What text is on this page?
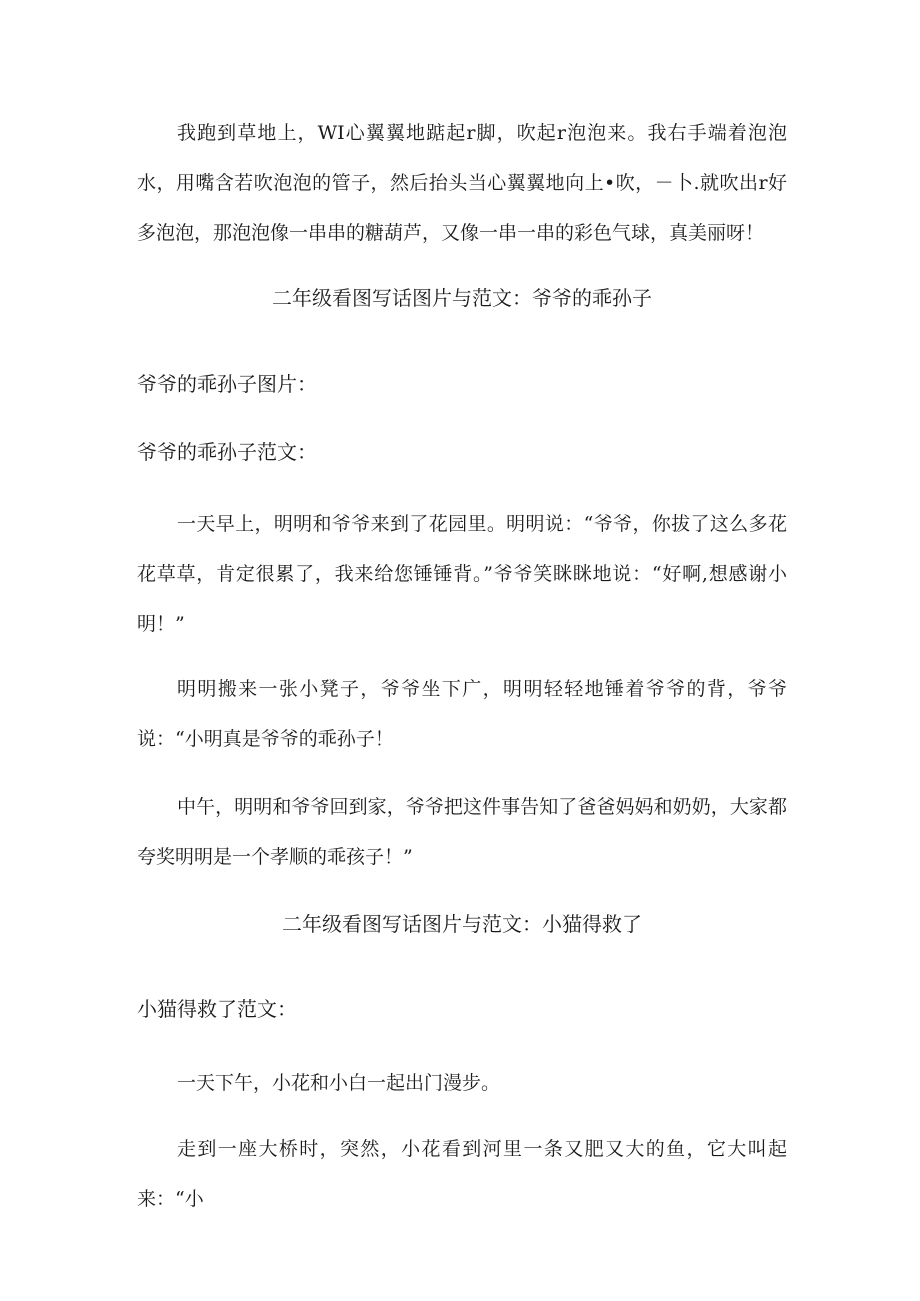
我跑到草地上，WI心翼翼地踮起r脚，吹起r泡泡来。我右手端着泡泡水，用嘴含若吹泡泡的管子，然后抬头当心翼翼地向上•吹，－卜.就吹出r好多泡泡，那泡泡像一串串的糖葫芦，又像一串一串的彩色气球，真美丽呀！

二年级看图写话图片与范文：爷爷的乖孙子
爷爷的乖孙子图片：
爷爷的乖孙子范文：

一天早上，明明和爷爷来到了花园里。明明说：“爷爷，你拔了这么多花花草草，肯定很累了，我来给您锤锤背。”爷爷笑眯眯地说：“好啊,想感谢小明！”

明明搬来一张小凳子，爷爷坐下广，明明轻轻地锤着爷爷的背，爷爷说：“小明真是爷爷的乖孙子！

中午，明明和爷爷回到家，爷爷把这件事告知了爸爸妈妈和奶奶，大家都夸奖明明是一个孝顺的乖孩子！”

二年级看图写话图片与范文：小猫得救了
小猫得救了范文：

一天下午，小花和小白一起出门漫步。

走到一座大桥时，突然，小花看到河里一条又肥又大的鱼，它大叫起来：“小
